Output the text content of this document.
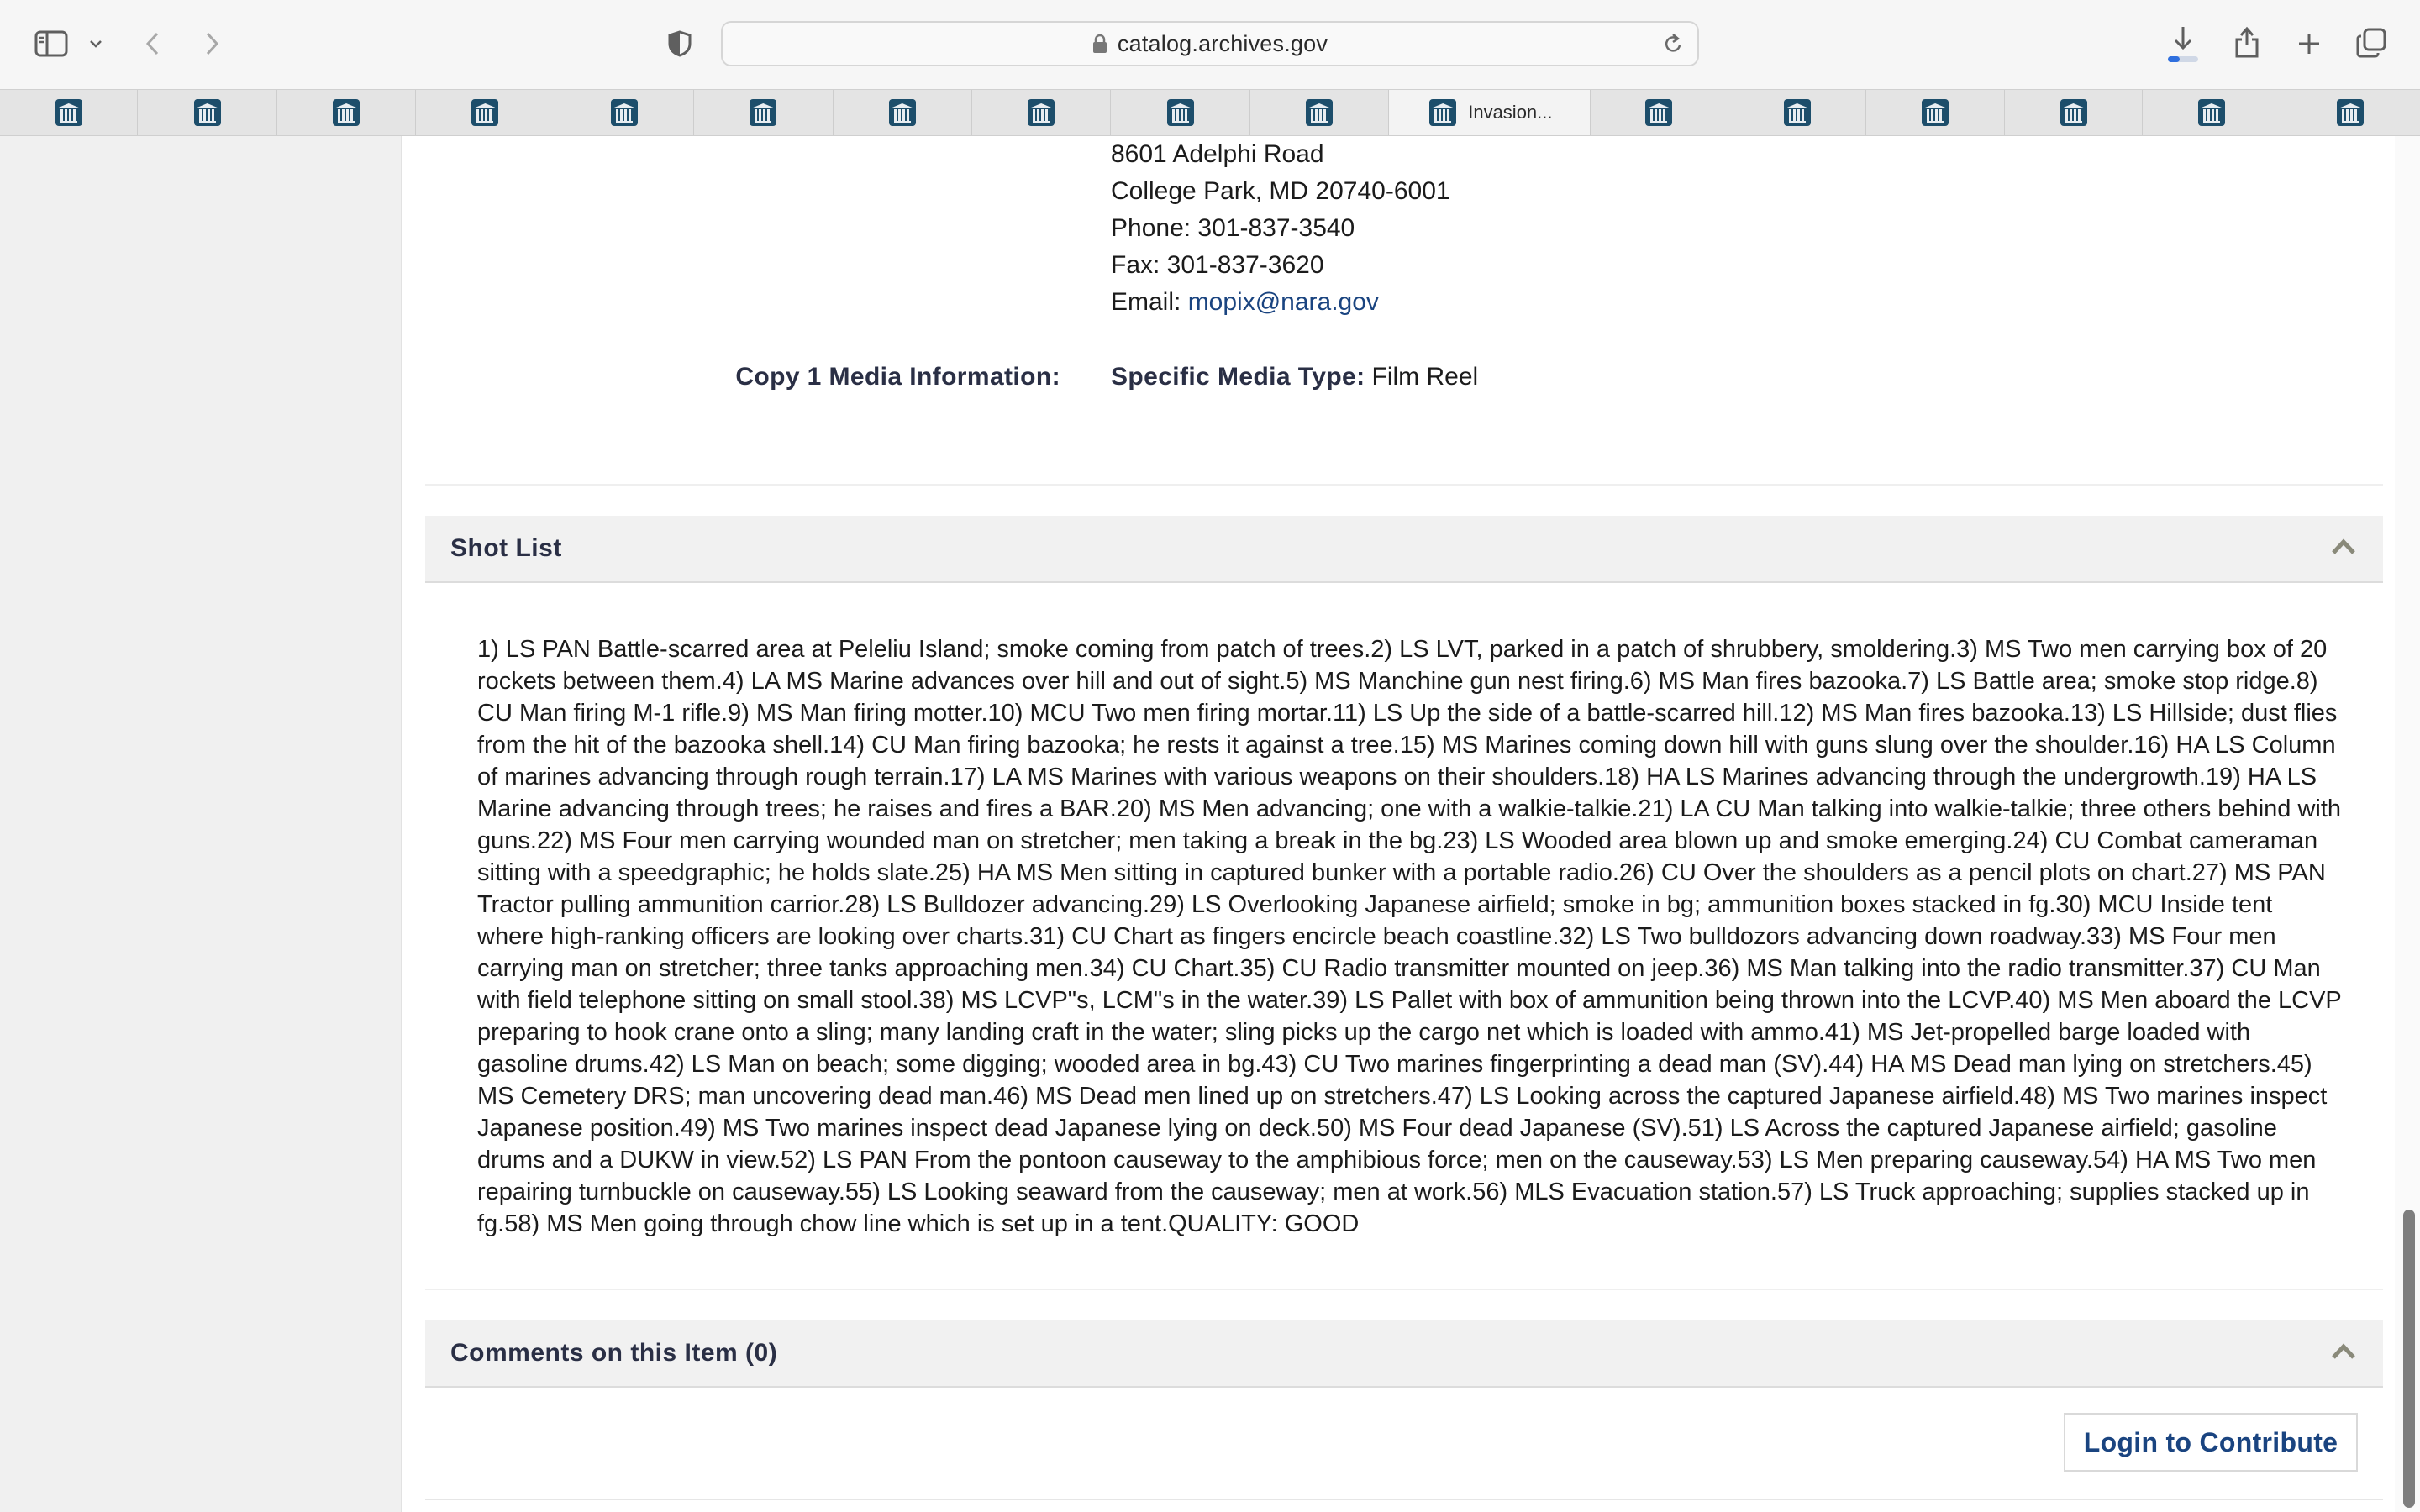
catalog.archives.gov
Invasion...
8601 Adelphi Road
College Park, MD 20740-6001
Phone: 301-837-3540
Fax: 301-837-3620
Email: mopix@nara.gov
Copy 1 Media Information: Specific Media Type: Film Reel
Shot List
1) LS PAN Battle-scarred area at Peleliu Island; smoke coming from patch of trees.2) LS LVT, parked in a patch of shrubbery, smoldering.3) MS Two men carrying box of 20 rockets between them.4) LA MS Marine advances over hill and out of sight.5) MS Manchine gun nest firing.6) MS Man fires bazooka.7) LS Battle area; smoke stop ridge.8) CU Man firing M-1 rifle.9) MS Man firing motter.10) MCU Two men firing mortar.11) LS Up the side of a battle-scarred hill.12) MS Man fires bazooka.13) LS Hillside; dust flies from the hit of the bazooka shell.14) CU Man firing bazooka; he rests it against a tree.15) MS Marines coming down hill with guns slung over the shoulder.16) HA LS Column of marines advancing through rough terrain.17) LA MS Marines with various weapons on their shoulders.18) HA LS Marines advancing through the undergrowth.19) HA LS Marine advancing through trees; he raises and fires a BAR.20) MS Men advancing; one with a walkie-talkie.21) LA CU Man talking into walkie-talkie; three others behind with guns.22) MS Four men carrying wounded man on stretcher; men taking a break in the bg.23) LS Wooded area blown up and smoke emerging.24) CU Combat cameraman sitting with a speedgraphic; he holds slate.25) HA MS Men sitting in captured bunker with a portable radio.26) CU Over the shoulders as a pencil plots on chart.27) MS PAN Tractor pulling ammunition carrior.28) LS Bulldozer advancing.29) LS Overlooking Japanese airfield; smoke in bg; ammunition boxes stacked in fg.30) MCU Inside tent where high-ranking officers are looking over charts.31) CU Chart as fingers encircle beach coastline.32) LS Two bulldozors advancing down roadway.33) MS Four men carrying man on stretcher; three tanks approaching men.34) CU Chart.35) CU Radio transmitter mounted on jeep.36) MS Man talking into the radio transmitter.37) CU Man with field telephone sitting on small stool.38) MS LCVP"s, LCM"s in the water.39) LS Pallet with box of ammunition being thrown into the LCVP.40) MS Men aboard the LCVP preparing to hook crane onto a sling; many landing craft in the water; sling picks up the cargo net which is loaded with ammo.41) MS Jet-propelled barge loaded with gasoline drums.42) LS Man on beach; some digging; wooded area in bg.43) CU Two marines fingerprinting a dead man (SV).44) HA MS Dead man lying on stretchers.45) MS Cemetery DRS; man uncovering dead man.46) MS Dead men lined up on stretchers.47) LS Looking across the captured Japanese airfield.48) MS Two marines inspect Japanese position.49) MS Two marines inspect dead Japanese lying on deck.50) MS Four dead Japanese (SV).51) LS Across the captured Japanese airfield; gasoline drums and a DUKW in view.52) LS PAN From the pontoon causeway to the amphibious force; men on the causeway.53) LS Men preparing causeway.54) HA MS Two men repairing turnbuckle on causeway.55) LS Looking seaward from the causeway; men at work.56) MLS Evacuation station.57) LS Truck approaching; supplies stacked up in fg.58) MS Men going through chow line which is set up in a tent.QUALITY: GOOD
Comments on this Item (0)
Login to Contribute
